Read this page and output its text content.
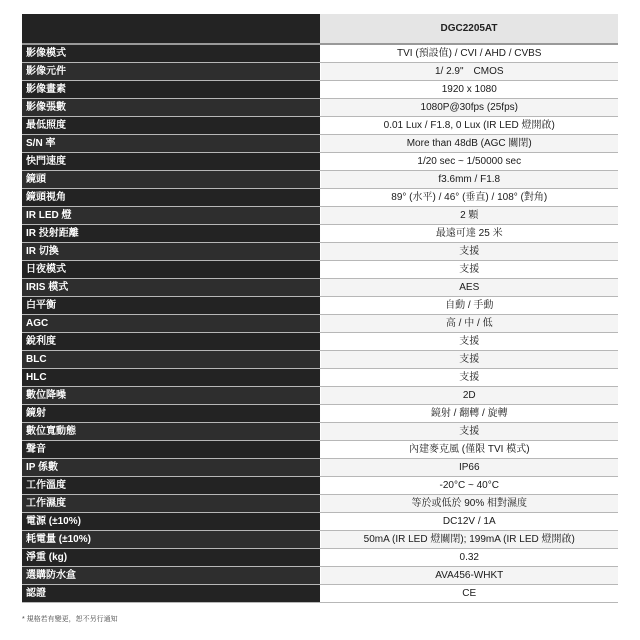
	DGC2205AT
影像模式	TVI (預設值) / CVI / AHD / CVBS
影像元件	1/ 2.9"　CMOS
影像畫素	1920 x 1080
影像張數	1080P@30fps (25fps)
最低照度	0.01 Lux / F1.8, 0 Lux (IR LED 燈開啟)
S/N 率	More than 48dB (AGC 關閉)
快門速度	1/20 sec ~ 1/50000 sec
鏡頭	f3.6mm / F1.8
鏡頭視角	89° (水平) / 46° (垂直) / 108° (對角)
IR LED 燈	2 顆
IR 投射距離	最遠可達 25 米
IR 切換	支援
日夜模式	支援
IRIS 模式	AES
白平衡	自動 / 手動
AGC	高 / 中 / 低
銳利度	支援
BLC	支援
HLC	支援
數位降噪	2D
鏡射	鏡射 / 翻轉 / 旋轉
數位寬動態	支援
聲音	內建麥克風 (僅限 TVI 模式)
IP 係數	IP66
工作溫度	-20°C ~ 40°C
工作濕度	等於或低於 90% 相對濕度
電源 (±10%)	DC12V / 1A
耗電量 (±10%)	50mA (IR LED 燈關閉); 199mA (IR LED 燈開啟)
淨重 (kg)	0.32
選購防水盒	AVA456-WHKT
認證	CE
* 規格若有變更，恕不另行通知
